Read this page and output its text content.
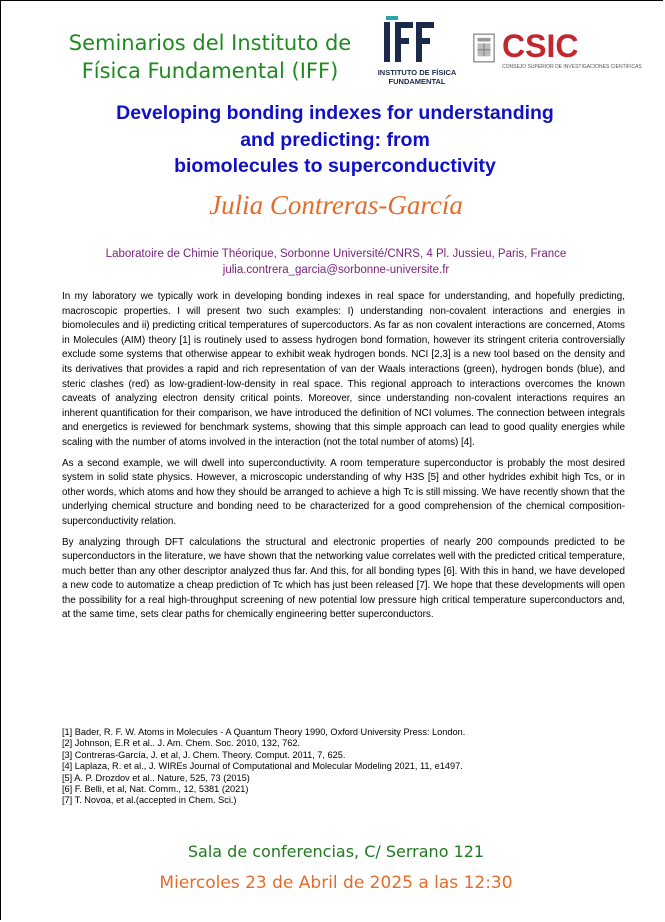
Seminarios del Instituto de
Física Fundamental (IFF)	INSTITUTO DE FÍSICA
FUNDAMENTAL
CSIC
CONSEJO SUPERIOR DE INVESTIGACIONES CIENTÍFICAS
Developing bonding indexes for understanding
and predicting: from
biomolecules to superconductivity
Julia Contreras-García
Laboratoire de Chimie Théorique, Sorbonne Université/CNRS, 4 Pl. Jussieu, Paris, France
julia.contrera_garcia@sorbonne-universite.fr

In my laboratory we typically work in developing bonding indexes in real space for understanding, and hopefully predicting, macroscopic properties. I will present two such examples: I) understanding non-covalent interactions and energies in biomolecules and ii) predicting critical temperatures of supercoductors. As far as non covalent interactions are concerned, Atoms in Molecules (AIM) theory [1] is routinely used to assess hydrogen bond formation, however its stringent criteria controversially exclude some systems that otherwise appear to exhibit weak hydrogen bonds. NCI [2,3] is a new tool based on the density and its derivatives that provides a rapid and rich representation of van der Waals interactions (green), hydrogen bonds (blue), and steric clashes (red) as low-gradient-low-density in real space. This regional approach to interactions overcomes the known caveats of analyzing electron density critical points. Moreover, since understanding non-covalent interactions requires an inherent quantification for their comparison, we have introduced the definition of NCI volumes. The connection between integrals and energetics is reviewed for benchmark systems, showing that this simple approach can lead to good quality energies while scaling with the number of atoms involved in the interaction (not the total number of atoms) [4].

As a second example, we will dwell into superconductivity. A room temperature superconductor is probably the most desired system in solid state physics. However, a microscopic understanding of why H3S [5] and other hydrides exhibit high Tcs, or in other words, which atoms and how they should be arranged to achieve a high Tc is still missing. We have recently shown that the underlying chemical structure and bonding need to be characterized for a good comprehension of the chemical composition-superconductivity relation.

By analyzing through DFT calculations the structural and electronic properties of nearly 200 compounds predicted to be superconductors in the literature, we have shown that the networking value correlates well with the predicted critical temperature, much better than any other descriptor analyzed thus far. And this, for all bonding types [6]. With this in hand, we have developed a new code to automatize a cheap prediction of Tc which has just been released [7]. We hope that these developments will open the possibility for a real high-throughput screening of new potential low pressure high critical temperature superconductors and, at the same time, sets clear paths for chemically engineering better superconductors.

[1] Bader, R. F. W. Atoms in Molecules - A Quantum Theory 1990, Oxford University Press: London.
[2] Johnson, E.R et al.. J. Am. Chem. Soc. 2010, 132, 762.
[3] Contreras-García, J. et al, J. Chem. Theory. Comput. 2011, 7, 625.
[4] Laplaza, R. et al., J. WIREs Journal of Computational and Molecular Modeling 2021, 11, e1497.
[5] A. P. Drozdov et al.. Nature, 525, 73 (2015)
[6] F. Belli, et al, Nat. Comm., 12, 5381 (2021)
[7] T. Novoa, et al.(accepted in Chem. Sci.)
Sala de conferencias, C/ Serrano 121
Miercoles 23 de Abril de 2025 a las 12:30
